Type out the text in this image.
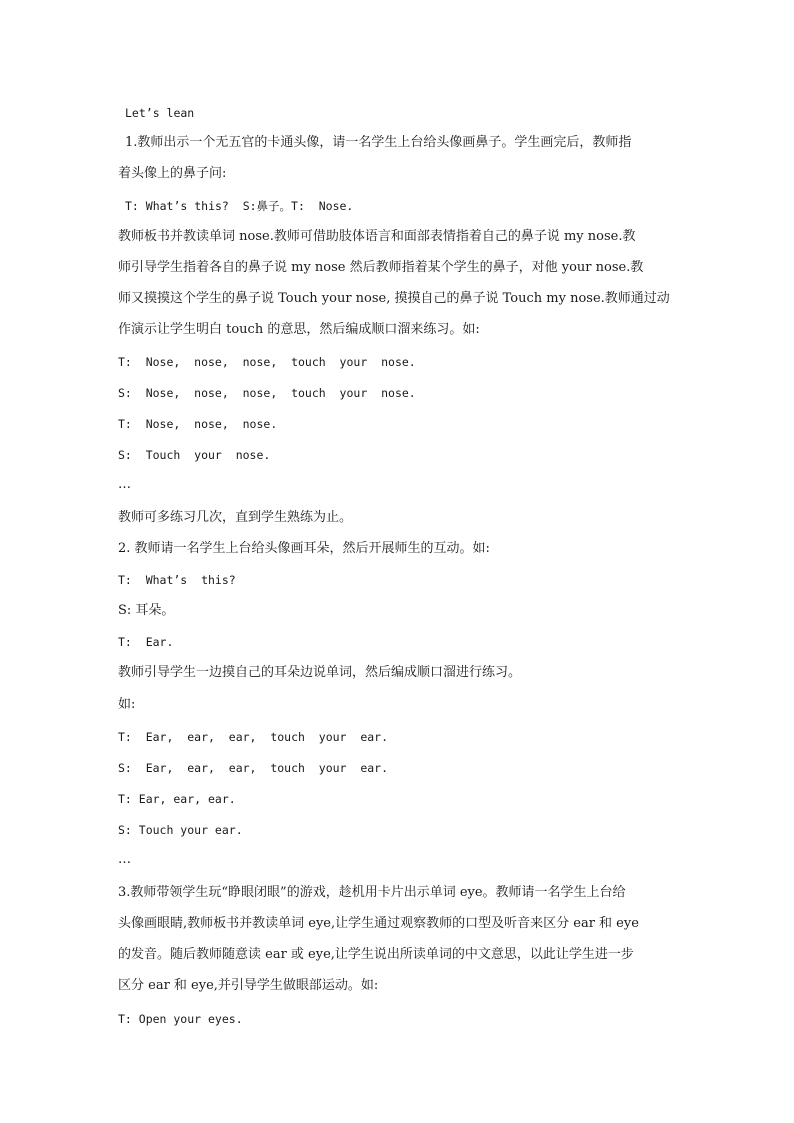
Let’s lean
1.教师出示一个无五官的卡通头像，请一名学生上台给头像画鼻子。学生画完后，教师指
着头像上的鼻子问:
T: What’s this?  S:鼻子。T:  Nose.
教师板书并教读单词 nose.教师可借助肢体语言和面部表情指着自己的鼻子说 my nose.教
师引导学生指着各自的鼻子说 my nose 然后教师指着某个学生的鼻子，对他 your nose.教
师又摸摸这个学生的鼻子说 Touch your nose, 摸摸自己的鼻子说 Touch my nose.教师通过动
作演示让学生明白 touch 的意思，然后编成顺口溜来练习。如:
T:  Nose,  nose,  nose,  touch  your  nose.
S:  Nose,  nose,  nose,  touch  your  nose.
T:  Nose,  nose,  nose.
S:  Touch  your  nose.
…
教师可多练习几次，直到学生熟练为止。
2. 教师请一名学生上台给头像画耳朵，然后开展师生的互动。如:
T:  What’s  this?
S: 耳朵。
T:  Ear.
教师引导学生一边摸自己的耳朵边说单词，然后编成顺口溜进行练习。
如:
T:  Ear,  ear,  ear,  touch  your  ear.
S:  Ear,  ear,  ear,  touch  your  ear.
T: Ear, ear, ear.
S: Touch your ear.
…
3.教师带领学生玩“睁眼闭眼”的游戏，趁机用卡片出示单词 eye。教师请一名学生上台给
头像画眼睛,教师板书并教读单词 eye,让学生通过观察教师的口型及听音来区分 ear 和 eye
的发音。随后教师随意读 ear 或 eye,让学生说出所读单词的中文意思，以此让学生进一步
区分 ear 和 eye,并引导学生做眼部运动。如:
T: Open your eyes.
